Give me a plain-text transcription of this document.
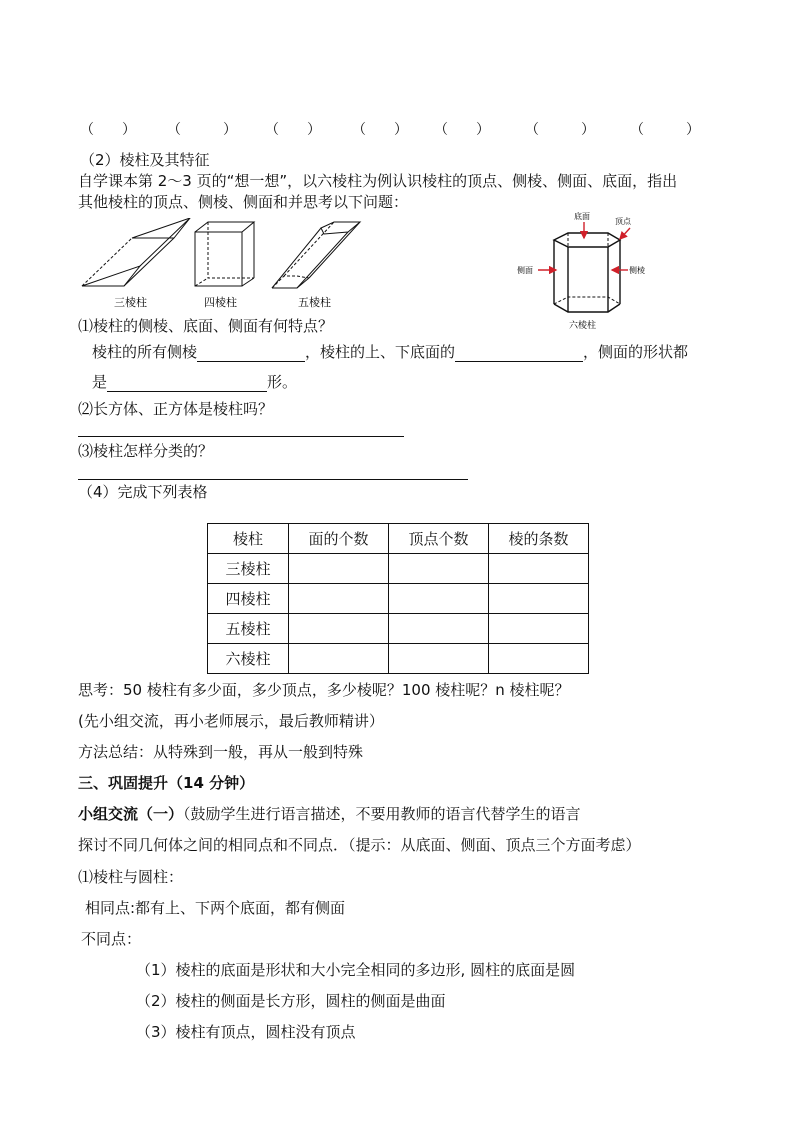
（　　） （　　　） （　　） （　　） （　　）	（　　　）	（　　　）
（2）棱柱及其特征
自学课本第 2～3 页的“想一想”，以六棱柱为例认识棱柱的顶点、侧棱、侧面、底面，指出
其他棱柱的顶点、侧棱、侧面和并思考以下问题：
三棱柱	四棱柱	五棱柱
底面
顶点
侧面	侧棱
六棱柱
⑴棱柱的侧棱、底面、侧面有何特点？
棱柱的所有侧棱	，棱柱的上、下底面的	，侧面的形状都
是	形。
⑵长方体、正方体是棱柱吗？
⑶棱柱怎样分类的？
（4）完成下列表格
棱柱	面的个数	顶点个数	棱的条数
三棱柱			
四棱柱			
五棱柱			
六棱柱			
思考：50 棱柱有多少面，多少顶点，多少棱呢？100 棱柱呢？n 棱柱呢？
(先小组交流，再小老师展示，最后教师精讲）
方法总结：从特殊到一般，再从一般到特殊
三、巩固提升（14 分钟）
小组交流（一）（鼓励学生进行语言描述，不要用教师的语言代替学生的语言
探讨不同几何体之间的相同点和不同点．（提示：从底面、侧面、顶点三个方面考虑）
⑴棱柱与圆柱：
相同点:都有上、下两个底面，都有侧面
不同点：
（1）棱柱的底面是形状和大小完全相同的多边形, 圆柱的底面是圆
（2）棱柱的侧面是长方形，圆柱的侧面是曲面
（3）棱柱有顶点，圆柱没有顶点
